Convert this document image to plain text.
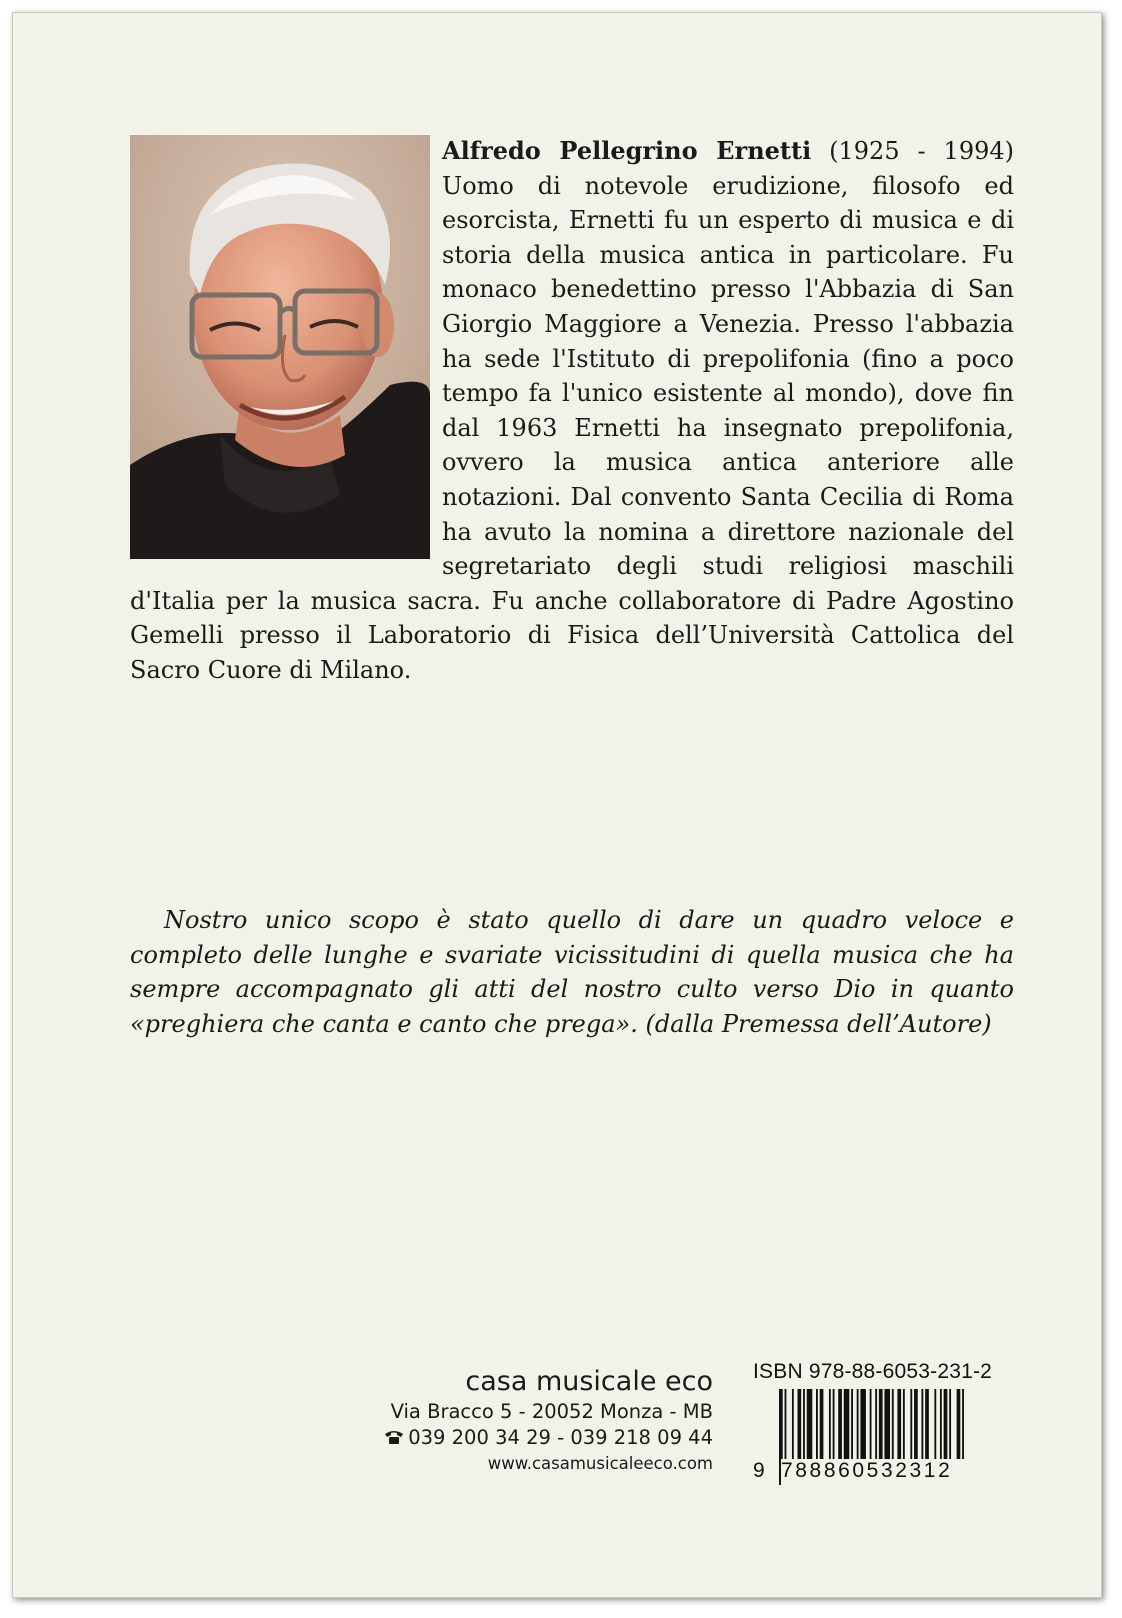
Alfredo Pellegrino Ernetti (1925 - 1994) Uomo di notevole erudizione, filosofo ed esorcista, Ernetti fu un esperto di musica e di storia della musica antica in particolare. Fu monaco benedettino presso l'Abbazia di San Giorgio Maggiore a Venezia. Presso l'abbazia ha sede l'Istituto di prepolifonia (fino a poco tempo fa l'unico esistente al mondo), dove fin dal 1963 Ernetti ha insegnato prepolifonia, ovvero la musica antica anteriore alle notazioni. Dal convento Santa Cecilia di Roma ha avuto la nomina a direttore nazionale del segretariato degli studi religiosi maschili d'Italia per la musica sacra. Fu anche collaboratore di Padre Agostino Gemelli presso il Laboratorio di Fisica dell’Università Cattolica del Sacro Cuore di Milano.

Nostro unico scopo è stato quello di dare un quadro veloce e completo delle lunghe e svariate vicissitudini di quella musica che ha sempre accompagnato gli atti del nostro culto verso Dio in quanto «preghiera che canta e canto che prega». (dalla Premessa dell’Autore)

casa musicale eco
Via Bracco 5 - 20052 Monza - MB
039 200 34 29 - 039 218 09 44
www.casamusicaleeco.com
ISBN 978-88-6053-231-2
9 788860532312
